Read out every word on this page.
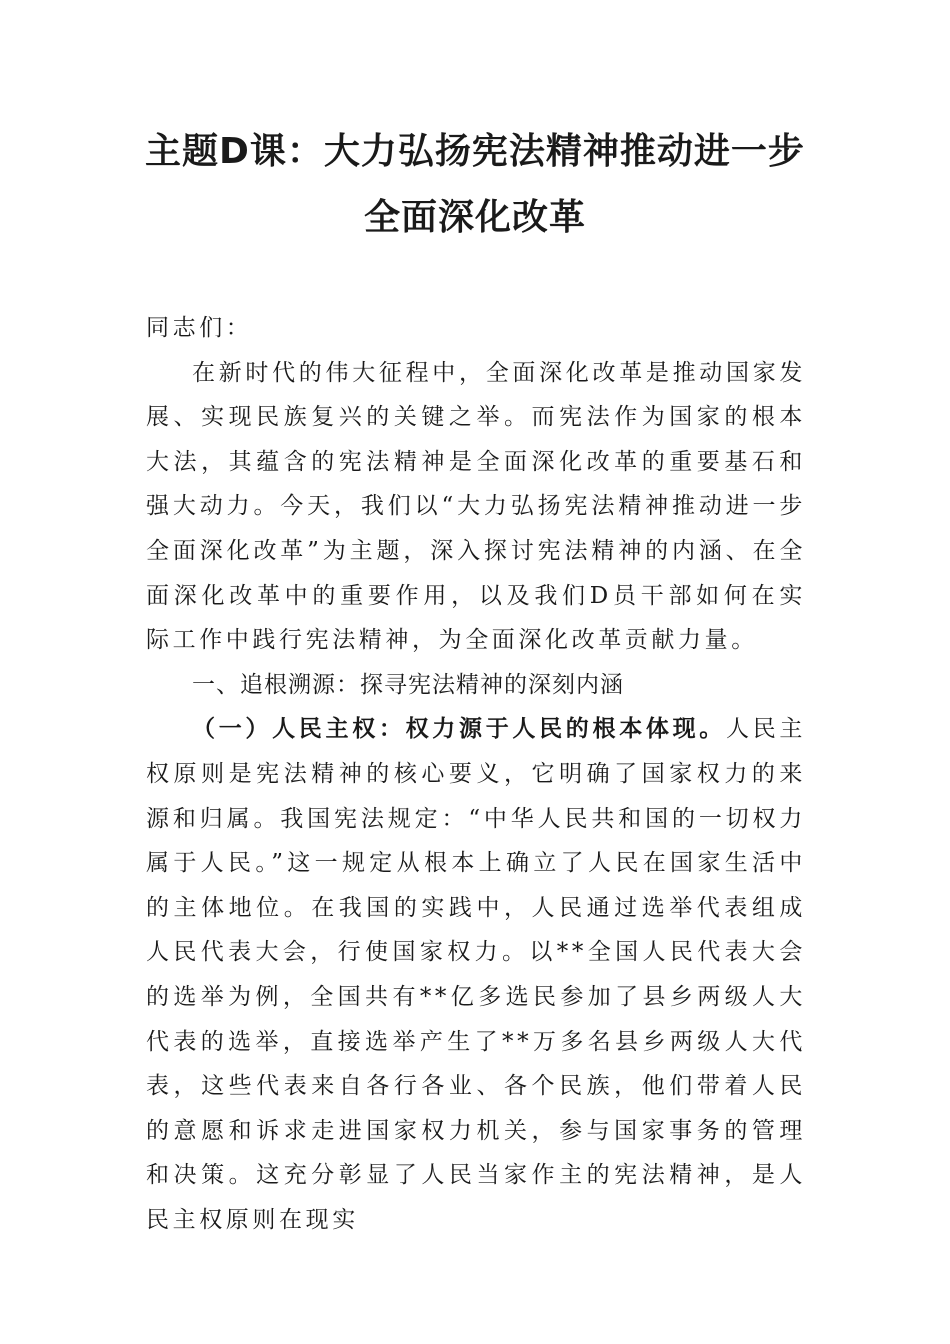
主题D课：大力弘扬宪法精神推动进一步
全面深化改革

同志们：

在新时代的伟大征程中，全面深化改革是推动国家发展、实现民族复兴的关键之举。而宪法作为国家的根本大法，其蕴含的宪法精神是全面深化改革的重要基石和强大动力。今天，我们以“大力弘扬宪法精神推动进一步全面深化改革”为主题，深入探讨宪法精神的内涵、在全面深化改革中的重要作用，以及我们D员干部如何在实际工作中践行宪法精神，为全面深化改革贡献力量。

一、追根溯源：探寻宪法精神的深刻内涵

（一）人民主权：权力源于人民的根本体现。人民主权原则是宪法精神的核心要义，它明确了国家权力的来源和归属。我国宪法规定：“中华人民共和国的一切权力属于人民。”这一规定从根本上确立了人民在国家生活中的主体地位。在我国的实践中，人民通过选举代表组成人民代表大会，行使国家权力。以**全国人民代表大会的选举为例，全国共有**亿多选民参加了县乡两级人大代表的选举，直接选举产生了**万多名县乡两级人大代表，这些代表来自各行各业、各个民族，他们带着人民的意愿和诉求走进国家权力机关，参与国家事务的管理和决策。这充分彰显了人民当家作主的宪法精神，是人民主权原则在现实
